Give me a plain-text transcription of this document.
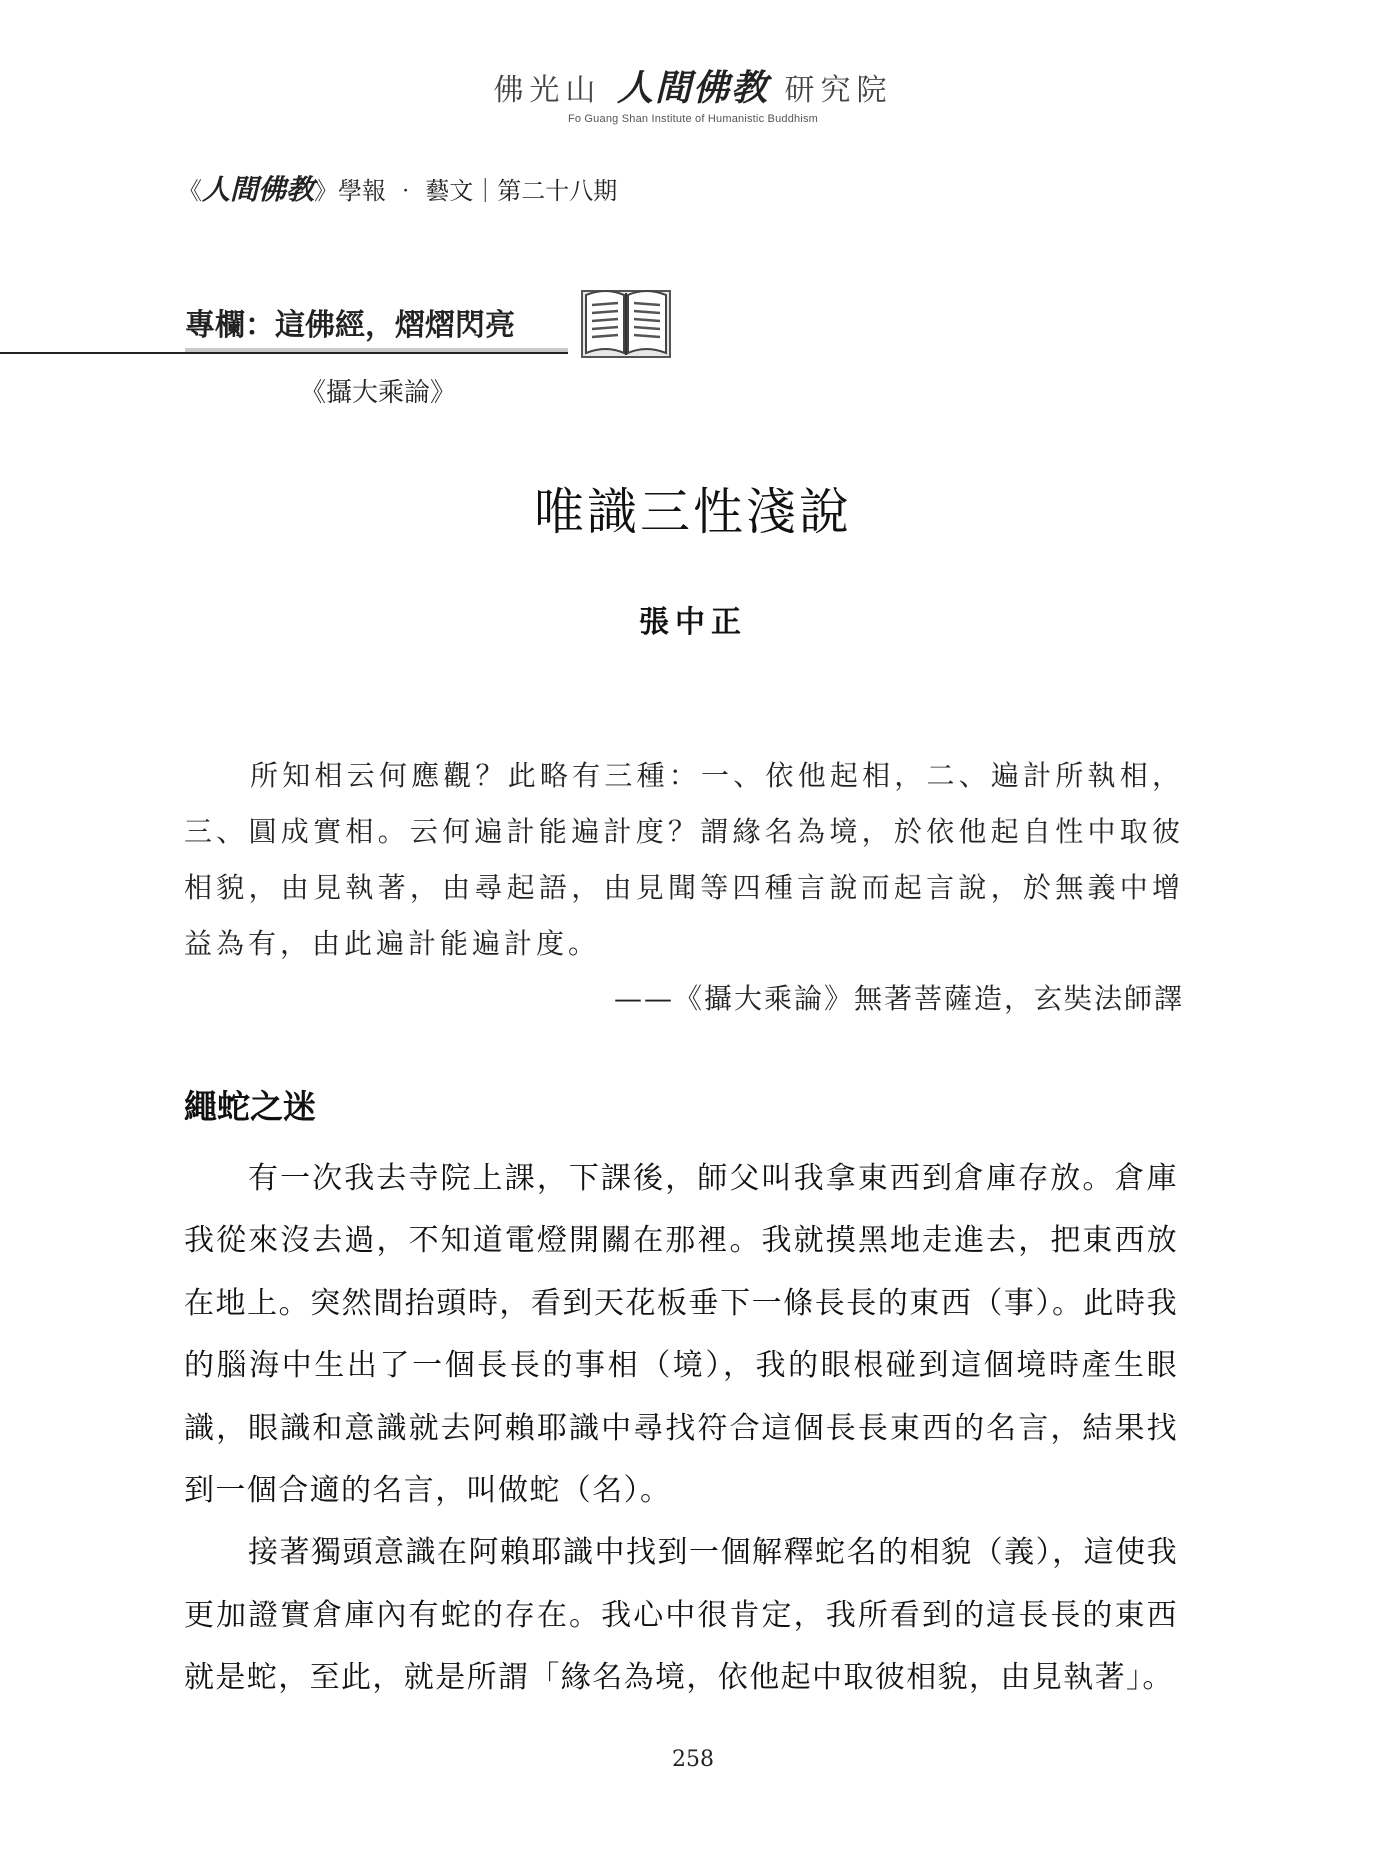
佛光山 人間佛教 研究院
Fo Guang Shan Institute of Humanistic Buddhism
《人間佛教》學報 ‧ 藝文｜第二十八期
專欄：這佛經，熠熠閃亮
《攝大乘論》
唯識三性淺說
張中正

所知相云何應觀？此略有三種：一、依他起相，二、遍計所執相，三、圓成實相。云何遍計能遍計度？謂緣名為境，於依他起自性中取彼相貌，由見執著，由尋起語，由見聞等四種言說而起言說，於無義中增益為有，由此遍計能遍計度。

——《攝大乘論》無著菩薩造，玄奘法師譯
繩蛇之迷

有一次我去寺院上課，下課後，師父叫我拿東西到倉庫存放。倉庫我從來沒去過，不知道電燈開關在那裡。我就摸黑地走進去，把東西放在地上。突然間抬頭時，看到天花板垂下一條長長的東西（事）。此時我的腦海中生出了一個長長的事相（境），我的眼根碰到這個境時產生眼識，眼識和意識就去阿賴耶識中尋找符合這個長長東西的名言，結果找到一個合適的名言，叫做蛇（名）。

接著獨頭意識在阿賴耶識中找到一個解釋蛇名的相貌（義），這使我更加證實倉庫內有蛇的存在。我心中很肯定，我所看到的這長長的東西就是蛇，至此，就是所謂「緣名為境，依他起中取彼相貌，由見執著」。

258
